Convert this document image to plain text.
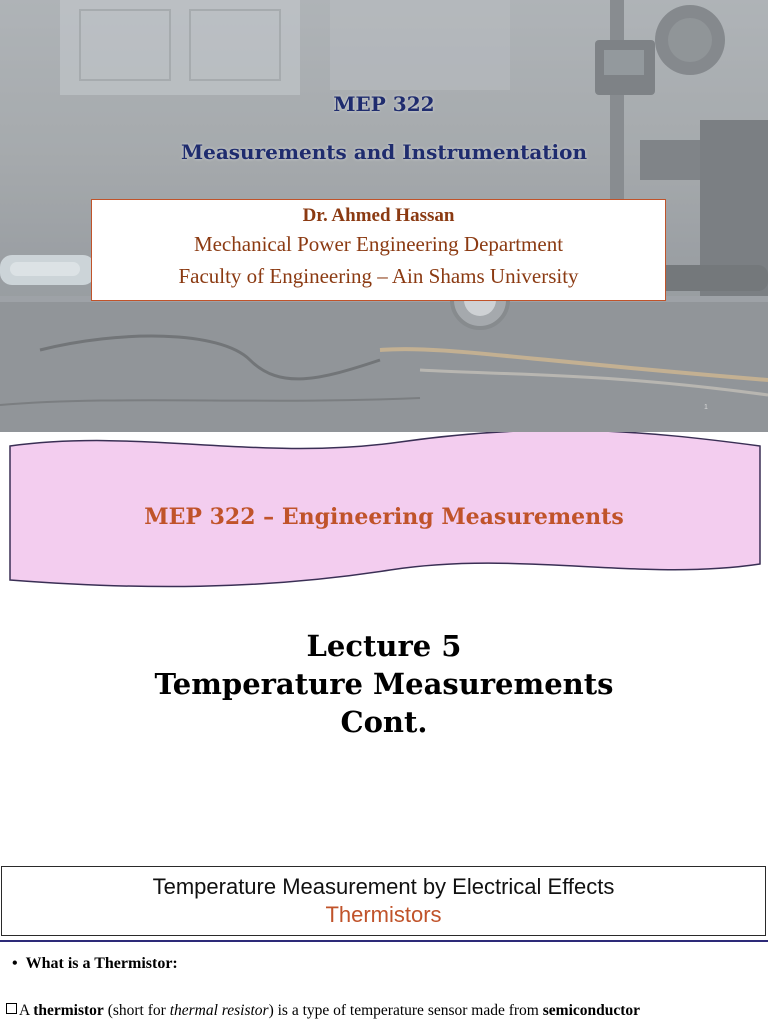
MEP 322
Measurements and Instrumentation
Dr. Ahmed Hassan
Mechanical Power Engineering Department
Faculty of Engineering – Ain Shams University
1
MEP 322 – Engineering Measurements
Lecture 5
Temperature Measurements
Cont.
Temperature Measurement by Electrical Effects
Thermistors
• What is a Thermistor:
A thermistor (short for thermal resistor) is a type of temperature sensor made from semiconductor
